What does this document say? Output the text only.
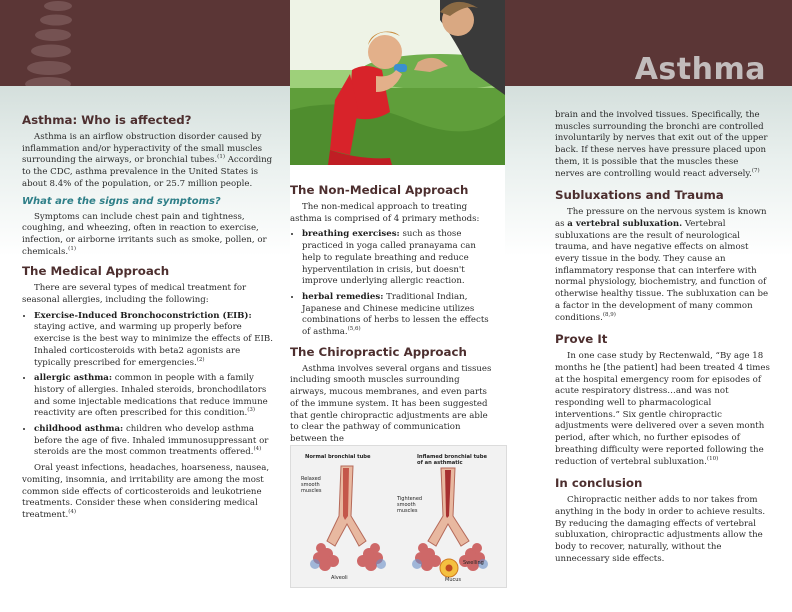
Asthma
Asthma: Who is affected?

Asthma is an airflow obstruction disorder caused by inflammation and/or hyperactivity of the small muscles surrounding the airways, or bronchial tubes.$^{(1)}$ According to the CDC, asthma prevalence in the United States is about 8.4% of the population, or 25.7 million people.

What are the signs and symptoms?

Symptoms can include chest pain and tightness, coughing, and wheezing, often in reaction to exercise, infection, or airborne irritants such as smoke, pollen, or chemicals.$^{(1)}$

The Medical Approach

There are several types of medical treatment for seasonal allergies, including the following:

• Exercise-Induced Bronchoconstriction (EIB): staying active, and warming up properly before exercise is the best way to minimize the effects of EIB. Inhaled corticosteroids with beta2 agonists are typically prescribed for emergencies.$^{(2)}$
• allergic asthma: common in people with a family history of allergies. Inhaled steroids, bronchodilators and some injectable medications that reduce immune reactivity are often prescribed for this condition.$^{(3)}$
• childhood asthma: children who develop asthma before the age of five. Inhaled immunosuppressant or steroids are the most common treatments offered.$^{(4)}$

Oral yeast infections, headaches, hoarseness, nausea, vomiting, insomnia, and irritability are among the most common side effects of corticosteroids and leukotriene treatments. Consider these when considering medical treatment.$^{(4)}$

The Non-Medical Approach

The non-medical approach to treating asthma is comprised of 4 primary methods:

• breathing exercises: such as those practiced in yoga called pranayama can help to regulate breathing and reduce hyperventilation in crisis, but doesn't improve underlying allergic reaction.
• herbal remedies: Traditional Indian, Japanese and Chinese medicine utilizes combinations of herbs to lessen the effects of asthma.$^{(5,6)}$
The Chiropractic Approach

Asthma involves several organs and tissues including smooth muscles surrounding airways, mucous membranes, and even parts of the immune system. It has been suggested that gentle chiropractic adjustments are able to clear the pathway of communication between the

Normal bronchial tube	Inflamed bronchial tube of an asthmatic
Relaxed smooth muscles
Alveoli
Tightened smooth muscles
Swelling
Mucus

brain and the involved tissues. Specifically, the muscles surrounding the bronchi are controlled involuntarily by nerves that exit out of the upper back. If these nerves have pressure placed upon them, it is possible that the muscles these nerves are controlling would react adversely.$^{(7)}$

Subluxations and Trauma

The pressure on the nervous system is known as a vertebral subluxation. Vertebral subluxations are the result of neurological trauma, and have negative effects on almost every tissue in the body. They cause an inflammatory response that can interfere with normal physiology, biochemistry, and function of otherwise healthy tissue. The subluxation can be a factor in the development of many common conditions.$^{(8,9)}$

Prove It

In one case study by Rectenwald, “By age 18 months he [the patient] had been treated 4 times at the hospital emergency room for episodes of acute respiratory distress…and was not responding well to pharmacological interventions.” Six gentle chiropractic adjustments were delivered over a seven month period, after which, no further episodes of breathing difficulty were reported following the reduction of vertebral subluxation.$^{(10)}$

In conclusion

Chiropractic neither adds to nor takes from anything in the body in order to achieve results. By reducing the damaging effects of vertebral subluxation, chiropractic adjustments allow the body to recover, naturally, without the unnecessary side effects.
